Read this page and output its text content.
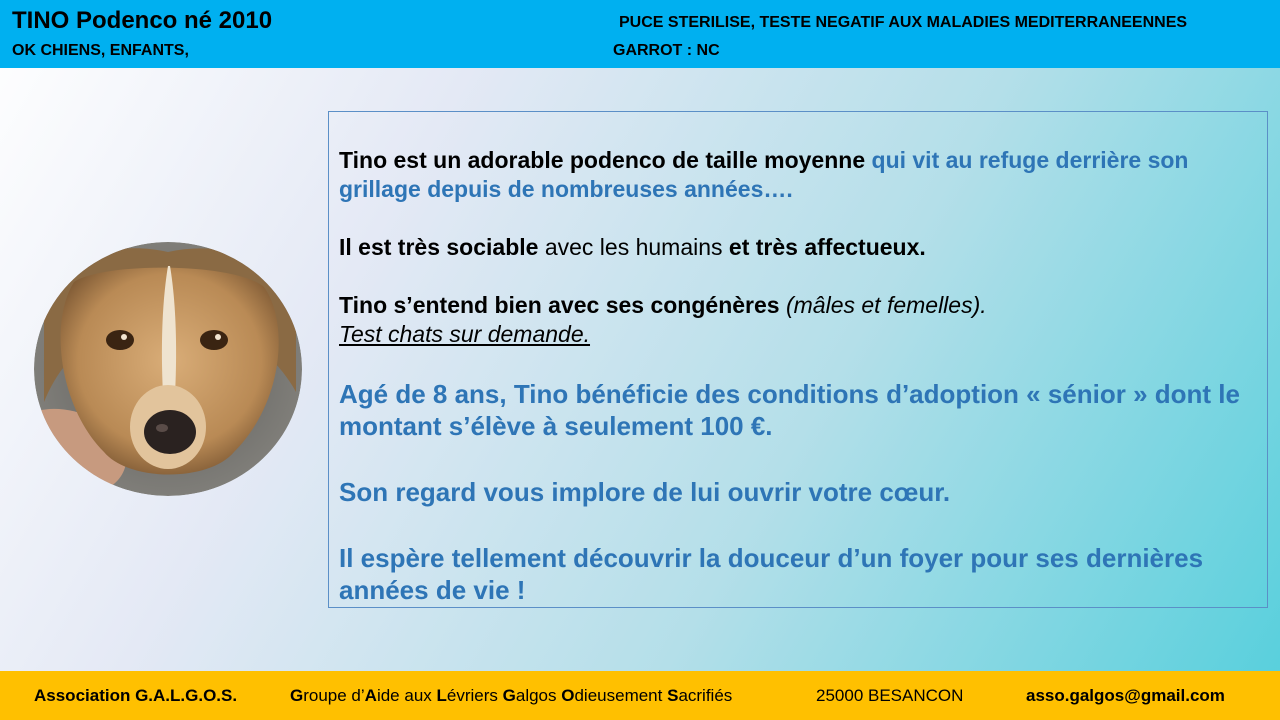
TINO Podenco né 2010
OK CHIENS, ENFANTS,
PUCE STERILISE, TESTE NEGATIF AUX MALADIES MEDITERRANEENNES
GARROT : NC

Tino est un adorable podenco de taille moyenne qui vit au refuge derrière son grillage depuis de nombreuses années….

Il est très sociable avec les humains et très affectueux.

Tino s’entend bien avec ses congénères (mâles et femelles).

Test chats sur demande.

Agé de 8 ans, Tino bénéficie des conditions d’adoption « sénior » dont le montant s’élève à seulement 100 €.

Son regard vous implore de lui ouvrir votre cœur.

Il espère tellement découvrir la douceur d’un foyer pour ses dernières années de vie !

Association G.A.L.G.O.S.	Groupe d’Aide aux Lévriers Galgos Odieusement Sacrifiés	25000 BESANCON	asso.galgos@gmail.com
